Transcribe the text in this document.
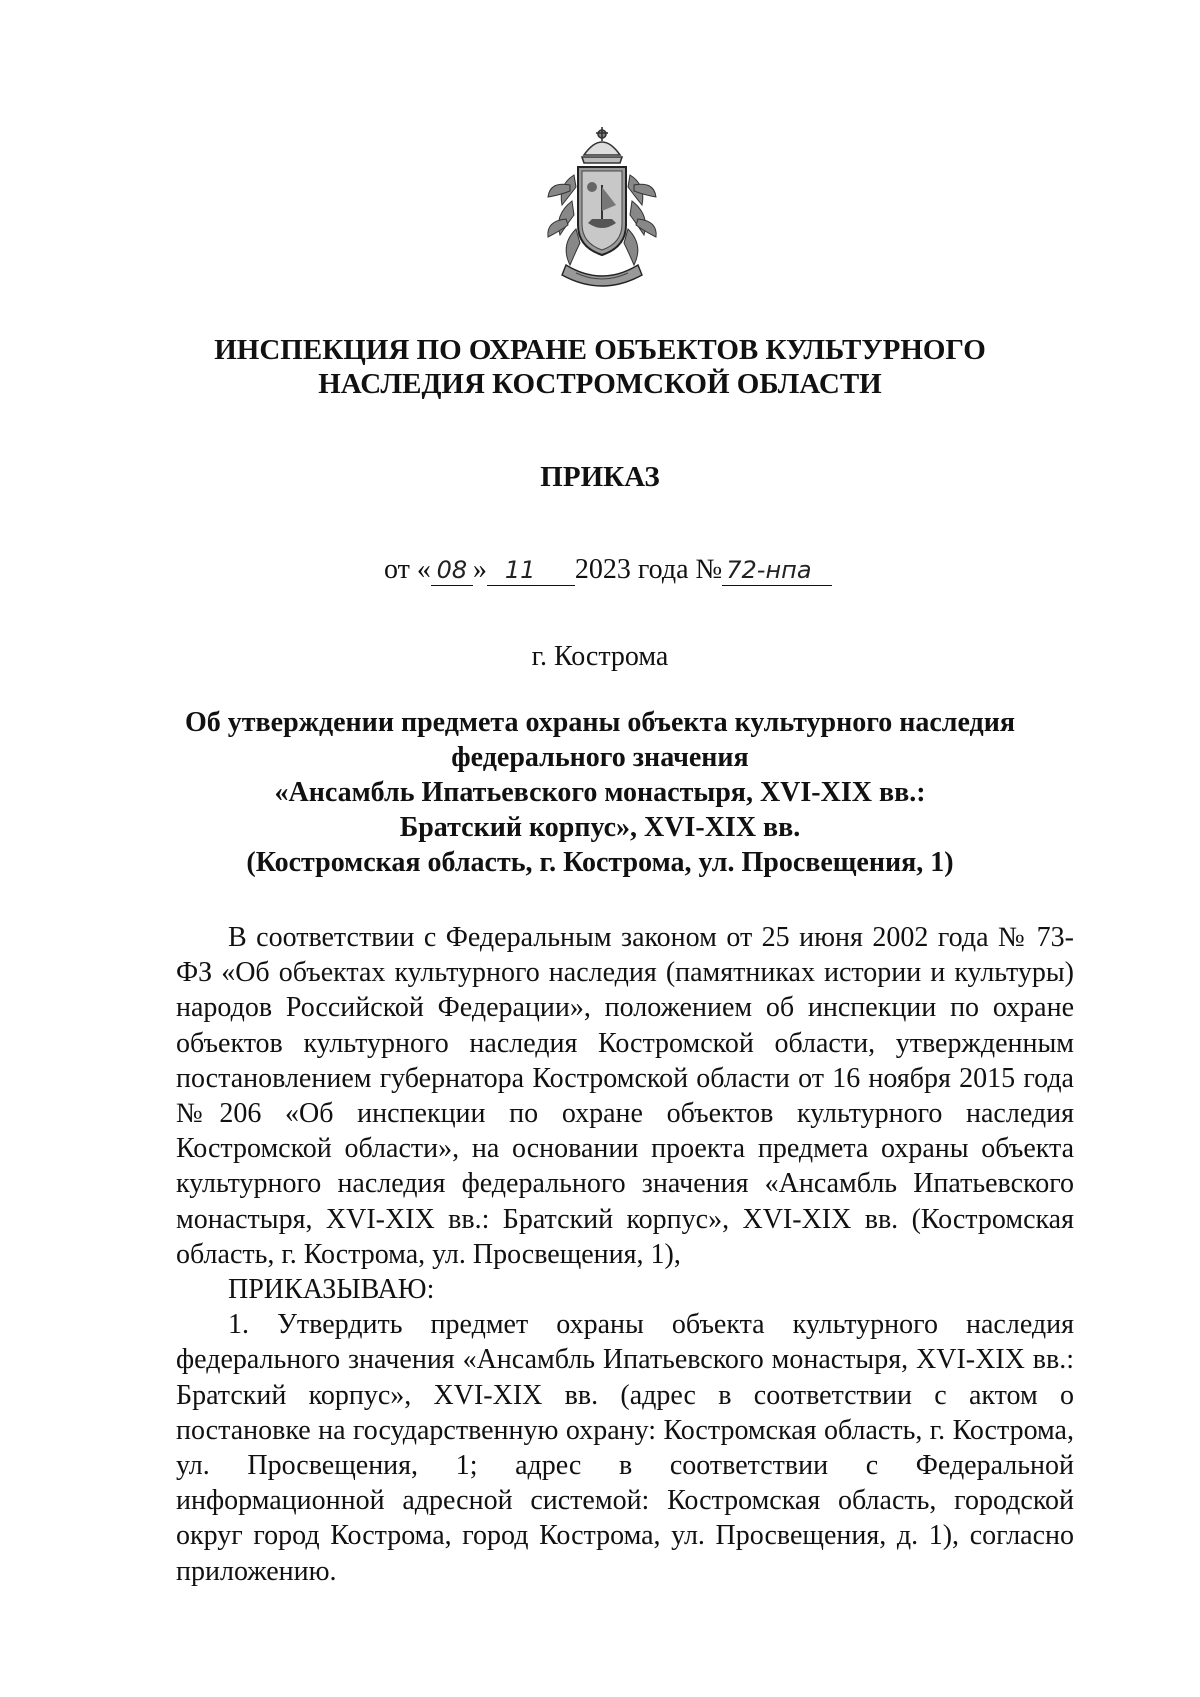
ИНСПЕКЦИЯ ПО ОХРАНЕ ОБЪЕКТОВ КУЛЬТУРНОГО
НАСЛЕДИЯ КОСТРОМСКОЙ ОБЛАСТИ
ПРИКАЗ
от « 08 » 11 2023 года № 72-нпа
г. Кострома
Об утверждении предмета охраны объекта культурного наследия
федерального значения
«Ансамбль Ипатьевского монастыря, XVI-XIX вв.:
Братский корпус», XVI-XIX вв.
(Костромская область, г. Кострома, ул. Просвещения, 1)

В соответствии с Федеральным законом от 25 июня 2002 года № 73-ФЗ «Об объектах культурного наследия (памятниках истории и культуры) народов Российской Федерации», положением об инспекции по охране объектов культурного наследия Костромской области, утвержденным постановлением губернатора Костромской области от 16 ноября 2015 года №206 «Об инспекции по охране объектов культурного наследия Костромской области», на основании проекта предмета охраны объекта культурного наследия федерального значения «Ансамбль Ипатьевского монастыря, XVI-XIX вв.: Братский корпус», XVI-XIX вв. (Костромская область, г. Кострома, ул. Просвещения, 1),

ПРИКАЗЫВАЮ:

1. Утвердить предмет охраны объекта культурного наследия федерального значения «Ансамбль Ипатьевского монастыря, XVI-XIX вв.: Братский корпус», XVI-XIX вв. (адрес в соответствии с актом о постановке на государственную охрану: Костромская область, г. Кострома, ул. Просвещения, 1; адрес в соответствии с Федеральной информационной адресной системой: Костромская область, городской округ город Кострома, город Кострома, ул. Просвещения, д. 1), согласно приложению.
